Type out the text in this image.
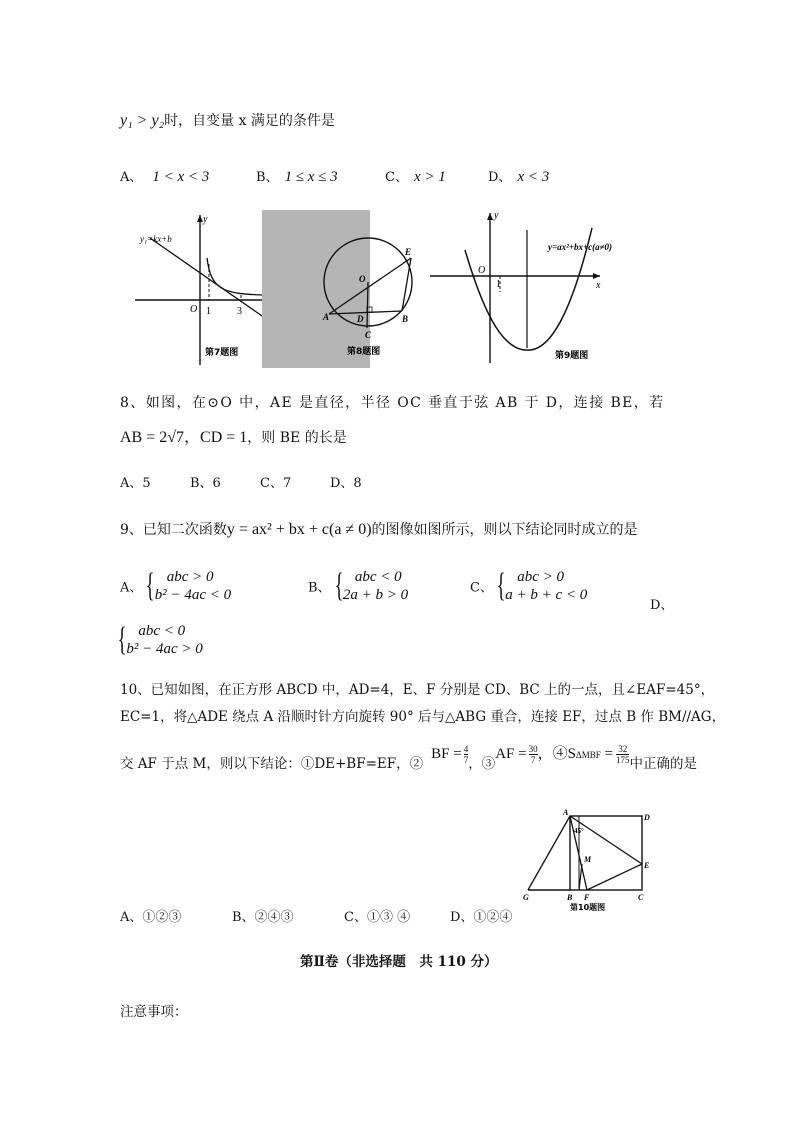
y₁ > y₂时，自变量 x 满足的条件是
A、 1 < x < 3	B、 1 ≤ x ≤ 3	C、 x > 1	D、 x < 3
y₁=kx+b
y
O 1	3
第7题图
A	B
C
D
E
O
第8题图
y
O
1	x
y=ax²+bx+c(a≠0)
第9题图
8、如图，在⊙O 中，AE 是直径，半径 OC 垂直于弦 AB 于 D，连接 BE，若
AB = 2√7，CD = 1，则 BE 的长是
A、5	B、6	C、7	D、8
9、已知二次函数y = ax² + bx + c(a ≠ 0)的图像如图所示，则以下结论同时成立的是
A、 { abc > 0
b² − 4ac < 0	B、 { abc < 0
2a + b > 0	C、 { abc > 0
a + b + c < 0
D、
{ abc < 0
b² − 4ac > 0
10、已知如图，在正方形 ABCD 中，AD=4，E、F 分别是 CD、BC 上的一点，且∠EAF=45°，
EC=1，将△ADE 绕点 A 沿顺时针方向旋转 90° 后与△ABG 重合，连接 EF，过点 B 作 BM//AG，
交 AF 于点 M，则以下结论：①DE+BF=EF，②BF = $\frac{4}{7}$ ，③AF = $\frac{30}{7}$ ，④SΔMBF = $\frac{32}{175}$ 中正确的是
A
D
E
C
G	B F
M
45°
第10题图
A、①②③	B、②④③	C、①③ ④	D、①②④
第Ⅱ卷（非选择题　共 110 分）
注意事项：
